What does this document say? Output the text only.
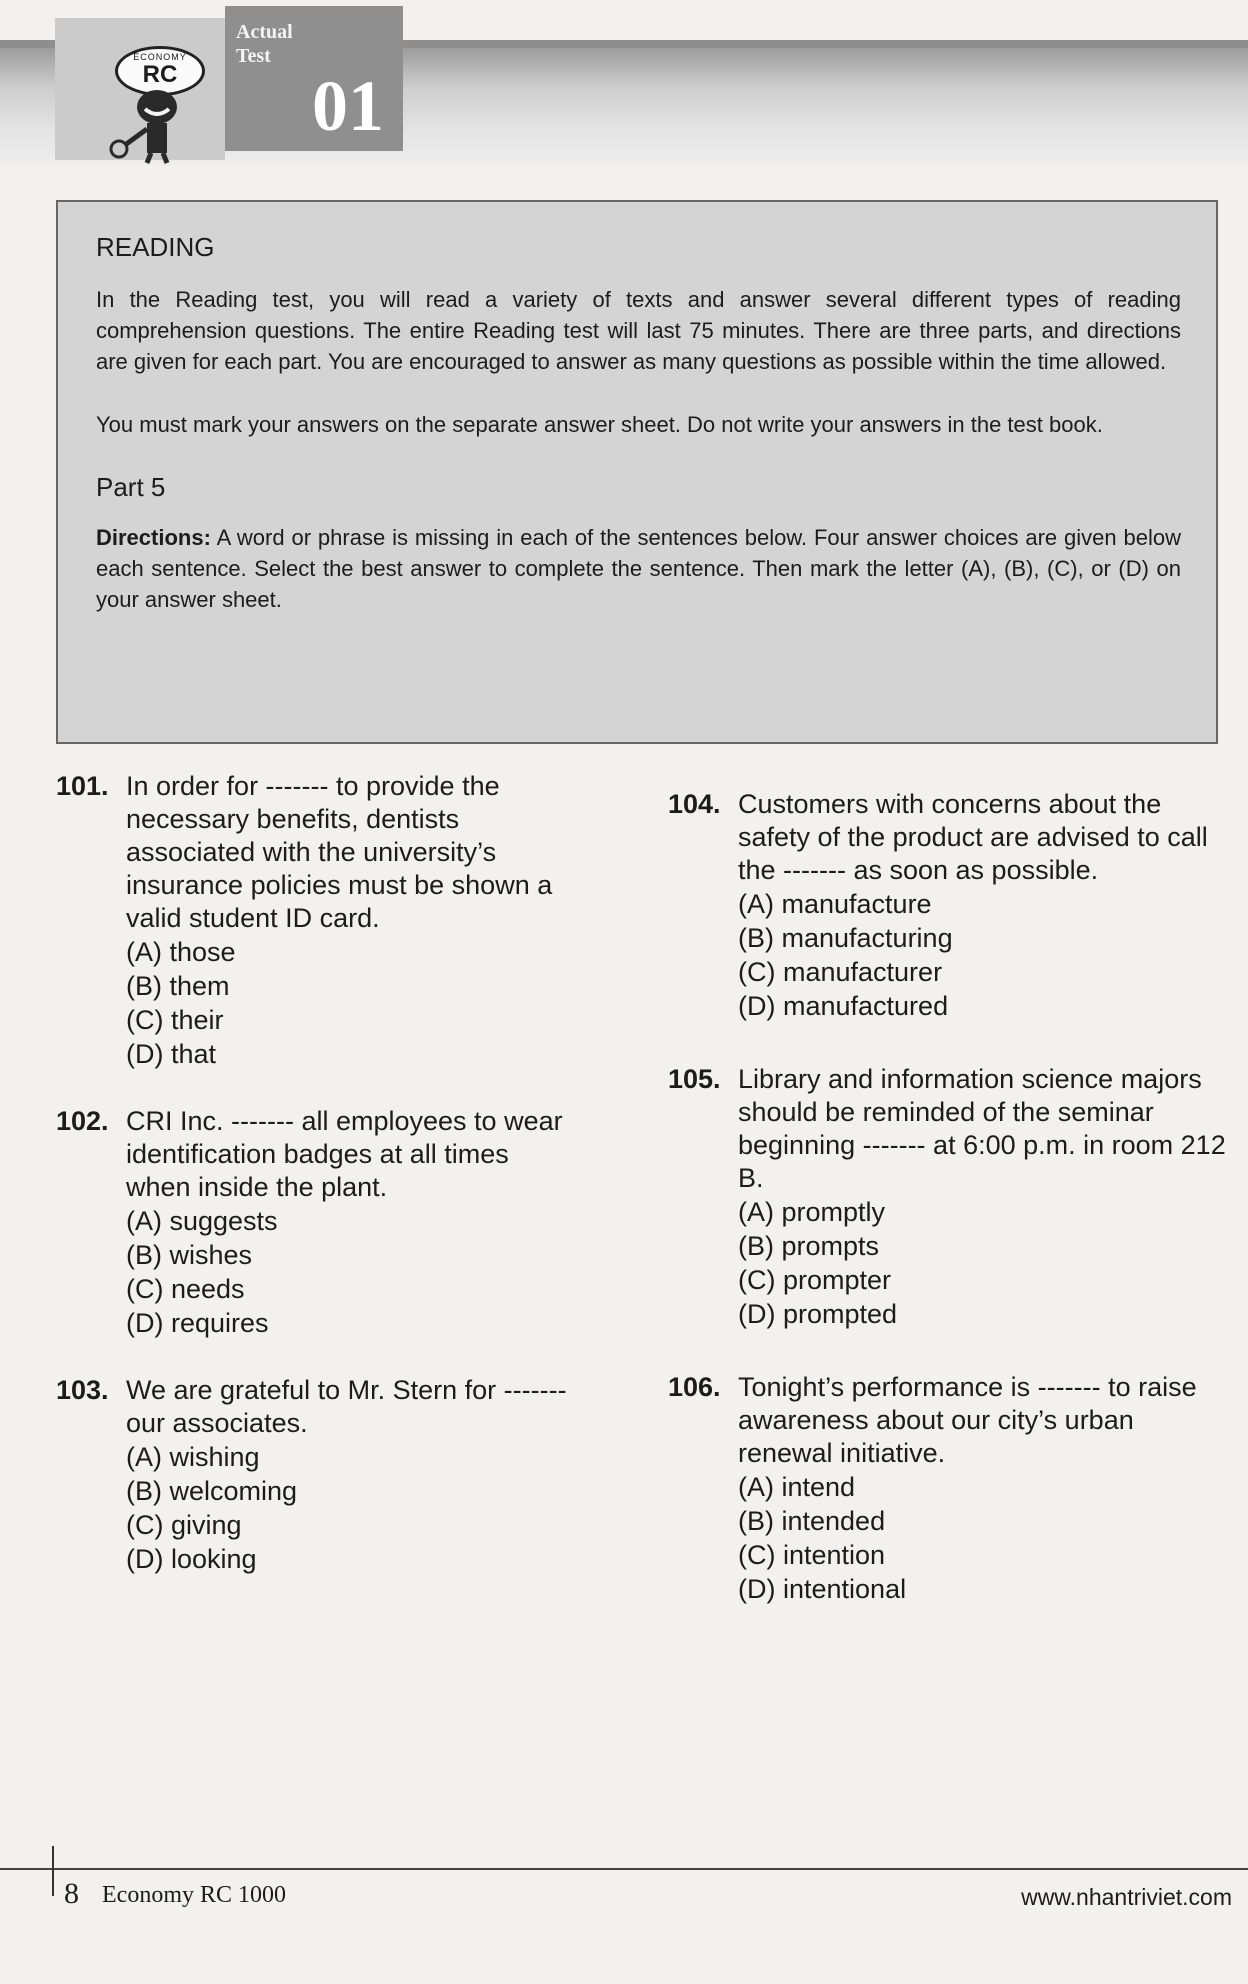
ECONOMY
RC
Actual
Test
01
READING

In the Reading test, you will read a variety of texts and answer several different types of reading comprehension questions. The entire Reading test will last 75 minutes. There are three parts, and directions are given for each part. You are encouraged to answer as many questions as possible within the time allowed.

You must mark your answers on the separate answer sheet. Do not write your answers in the test book.

Part 5

Directions: A word or phrase is missing in each of the sentences below. Four answer choices are given below each sentence. Select the best answer to complete the sentence. Then mark the letter (A), (B), (C), or (D) on your answer sheet.

101. In order for ------- to provide the necessary benefits, dentists associated with the university’s insurance policies must be shown a valid student ID card.

(A) those
(B) them
(C) their
(D) that
102. CRI Inc. ------- all employees to wear identification badges at all times when inside the plant.

(A) suggests
(B) wishes
(C) needs
(D) requires
103. We are grateful to Mr. Stern for ------- our associates.

(A) wishing
(B) welcoming
(C) giving
(D) looking
104. Customers with concerns about the safety of the product are advised to call the ------- as soon as possible.

(A) manufacture
(B) manufacturing
(C) manufacturer
(D) manufactured
105. Library and information science majors should be reminded of the seminar beginning ------- at 6:00 p.m. in room 212 B.

(A) promptly
(B) prompts
(C) prompter
(D) prompted
106. Tonight’s performance is ------- to raise awareness about our city’s urban renewal initiative.

(A) intend
(B) intended
(C) intention
(D) intentional
8 Economy RC 1000	www.nhantriviet.com
